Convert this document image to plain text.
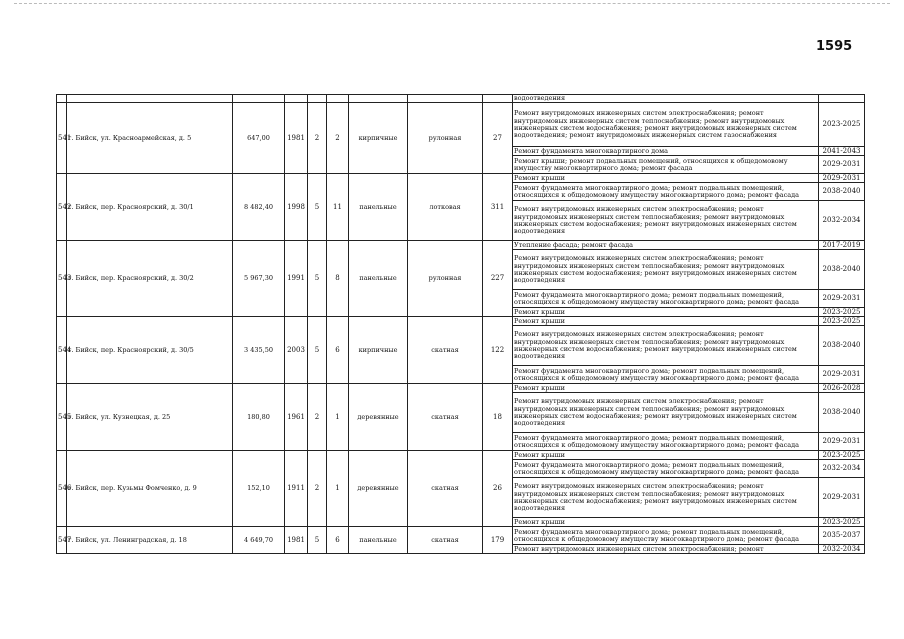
1595
									водоотведения	
541	г. Бийск, ул. Красноармейская, д. 5	647,00	1981	2	2	кирпичные	рулонная	27	Ремонт внутридомовых инженерных систем электроснабжения; ремонт внутридомовых инженерных систем теплоснабжения; ремонт внутридомовых инженерных систем водоснабжения; ремонт внутридомовых инженерных систем водоотведения; ремонт внутридомовых инженерных систем газоснабжения	2023-2025
									Ремонт фундамента многоквартирного дома	2041-2043
									Ремонт крыши; ремонт подвальных помещений, относящихся к общедомовому имуществу многоквартирного дома; ремонт фасада	2029-2031
542	г. Бийск, пер. Красноярский, д. 30/1	8 482,40	1998	5	11	панельные	лотковая	311	Ремонт крыши	2029-2031
									Ремонт фундамента многоквартирного дома; ремонт подвальных помещений, относящихся к общедомовому имуществу многоквартирного дома; ремонт фасада	2038-2040
									Ремонт внутридомовых инженерных систем электроснабжения; ремонт внутридомовых инженерных систем теплоснабжения; ремонт внутридомовых инженерных систем водоснабжения; ремонт внутридомовых инженерных систем водоотведения	2032-2034
543	г. Бийск, пер. Красноярский, д. 30/2	5 967,30	1991	5	8	панельные	рулонная	227	Утепление фасада; ремонт фасада	2017-2019
									Ремонт внутридомовых инженерных систем электроснабжения; ремонт внутридомовых инженерных систем теплоснабжения; ремонт внутридомовых инженерных систем водоснабжения; ремонт внутридомовых инженерных систем водоотведения	2038-2040
									Ремонт фундамента многоквартирного дома; ремонт подвальных помещений, относящихся к общедомовому имуществу многоквартирного дома; ремонт фасада	2029-2031
									Ремонт крыши	2023-2025
544	г. Бийск, пер. Красноярский, д. 30/5	3 435,50	2003	5	6	кирпичные	скатная	122	Ремонт крыши	2023-2025
									Ремонт внутридомовых инженерных систем электроснабжения; ремонт внутридомовых инженерных систем теплоснабжения; ремонт внутридомовых инженерных систем водоснабжения; ремонт внутридомовых инженерных систем водоотведения	2038-2040
									Ремонт фундамента многоквартирного дома; ремонт подвальных помещений, относящихся к общедомовому имуществу многоквартирного дома; ремонт фасада	2029-2031
545	г. Бийск, ул. Кузнецкая, д. 25	180,80	1961	2	1	деревянные	скатная	18	Ремонт крыши	2026-2028
									Ремонт внутридомовых инженерных систем электроснабжения; ремонт внутридомовых инженерных систем теплоснабжения; ремонт внутридомовых инженерных систем водоснабжения; ремонт внутридомовых инженерных систем водоотведения	2038-2040
									Ремонт фундамента многоквартирного дома; ремонт подвальных помещений, относящихся к общедомовому имуществу многоквартирного дома; ремонт фасада	2029-2031
546	г. Бийск, пер. Кузьмы Фомченко, д. 9	152,10	1911	2	1	деревянные	скатная	26	Ремонт крыши	2023-2025
									Ремонт фундамента многоквартирного дома; ремонт подвальных помещений, относящихся к общедомовому имуществу многоквартирного дома; ремонт фасада	2032-2034
									Ремонт внутридомовых инженерных систем электроснабжения; ремонт внутридомовых инженерных систем теплоснабжения; ремонт внутридомовых инженерных систем водоснабжения; ремонт внутридомовых инженерных систем водоотведения	2029-2031
									Ремонт крыши	2023-2025
547	г. Бийск, ул. Ленинградская, д. 18	4 649,70	1981	5	6	панельные	скатная	179	Ремонт фундамента многоквартирного дома; ремонт подвальных помещений, относящихся к общедомовому имуществу многоквартирного дома; ремонт фасада	2035-2037
									Ремонт внутридомовых инженерных систем электроснабжения; ремонт	2032-2034
